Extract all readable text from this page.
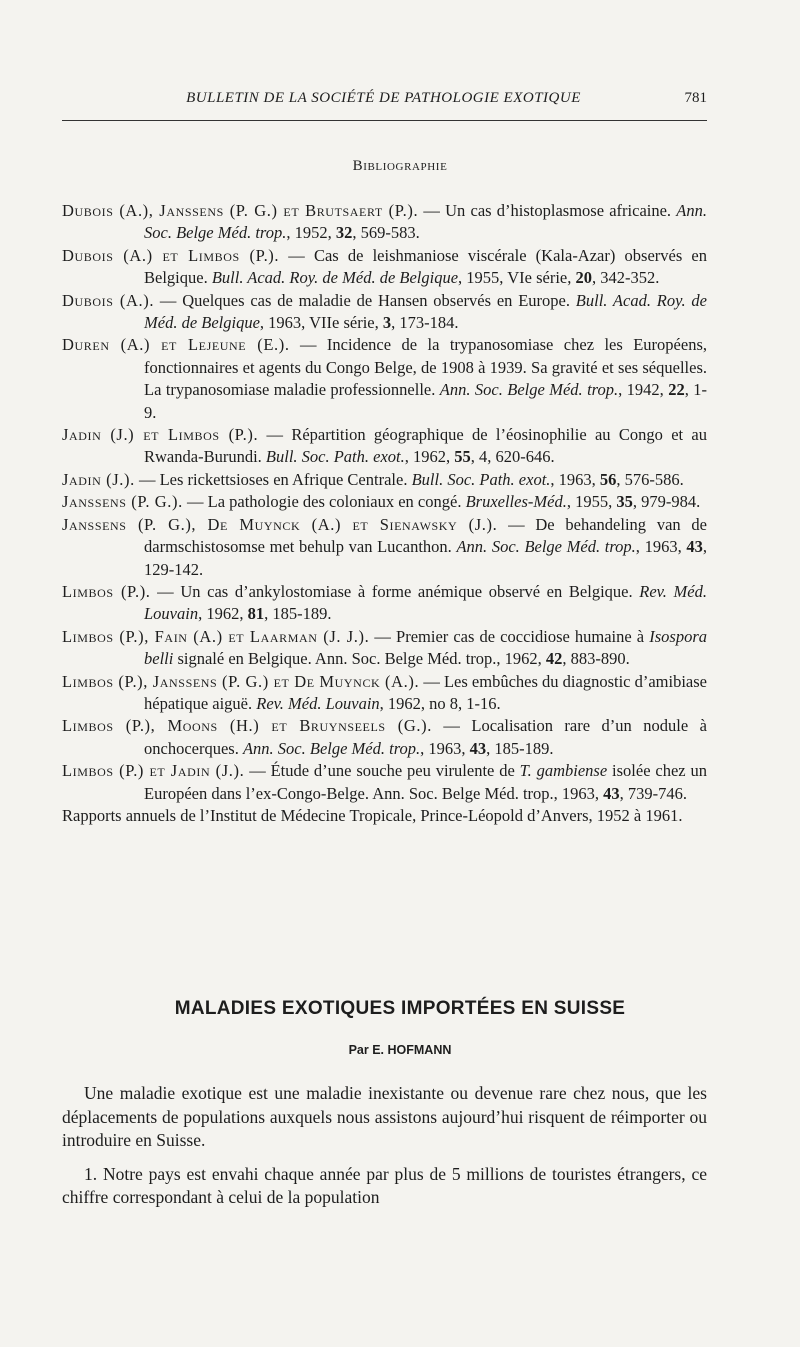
BULLETIN DE LA SOCIÉTÉ DE PATHOLOGIE EXOTIQUE	781
Bibliographie
Dubois (A.), Janssens (P. G.) et Brutsaert (P.). — Un cas d’histoplasmose africaine. Ann. Soc. Belge Méd. trop., 1952, 32, 569-583.
Dubois (A.) et Limbos (P.). — Cas de leishmaniose viscérale (Kala-Azar) observés en Belgique. Bull. Acad. Roy. de Méd. de Belgique, 1955, VIe série, 20, 342-352.
Dubois (A.). — Quelques cas de maladie de Hansen observés en Europe. Bull. Acad. Roy. de Méd. de Belgique, 1963, VIIe série, 3, 173-184.
Duren (A.) et Lejeune (E.). — Incidence de la trypanosomiase chez les Européens, fonctionnaires et agents du Congo Belge, de 1908 à 1939. Sa gravité et ses séquelles. La trypanosomiase maladie professionnelle. Ann. Soc. Belge Méd. trop., 1942, 22, 1-9.
Jadin (J.) et Limbos (P.). — Répartition géographique de l’éosinophilie au Congo et au Rwanda-Burundi. Bull. Soc. Path. exot., 1962, 55, 4, 620-646.
Jadin (J.). — Les rickettsioses en Afrique Centrale. Bull. Soc. Path. exot., 1963, 56, 576-586.
Janssens (P. G.). — La pathologie des coloniaux en congé. Bruxelles-Méd., 1955, 35, 979-984.
Janssens (P. G.), De Muynck (A.) et Sienawsky (J.). — De behandeling van de darmschistosomse met behulp van Lucanthon. Ann. Soc. Belge Méd. trop., 1963, 43, 129-142.
Limbos (P.). — Un cas d’ankylostomiase à forme anémique observé en Belgique. Rev. Méd. Louvain, 1962, 81, 185-189.
Limbos (P.), Fain (A.) et Laarman (J. J.). — Premier cas de coccidiose humaine à Isospora belli signalé en Belgique. Ann. Soc. Belge Méd. trop., 1962, 42, 883-890.
Limbos (P.), Janssens (P. G.) et De Muynck (A.). — Les embûches du diagnostic d’amibiase hépatique aiguë. Rev. Méd. Louvain, 1962, no 8, 1-16.
Limbos (P.), Moons (H.) et Bruynseels (G.). — Localisation rare d’un nodule à onchocerques. Ann. Soc. Belge Méd. trop., 1963, 43, 185-189.
Limbos (P.) et Jadin (J.). — Étude d’une souche peu virulente de T. gambiense isolée chez un Européen dans l’ex-Congo-Belge. Ann. Soc. Belge Méd. trop., 1963, 43, 739-746.
Rapports annuels de l’Institut de Médecine Tropicale, Prince-Léopold d’Anvers, 1952 à 1961.
MALADIES EXOTIQUES IMPORTÉES EN SUISSE
Par E. HOFMANN

Une maladie exotique est une maladie inexistante ou devenue rare chez nous, que les déplacements de populations auxquels nous assistons aujourd’hui risquent de réimporter ou introduire en Suisse.

1. Notre pays est envahi chaque année par plus de 5 millions de touristes étrangers, ce chiffre correspondant à celui de la population
